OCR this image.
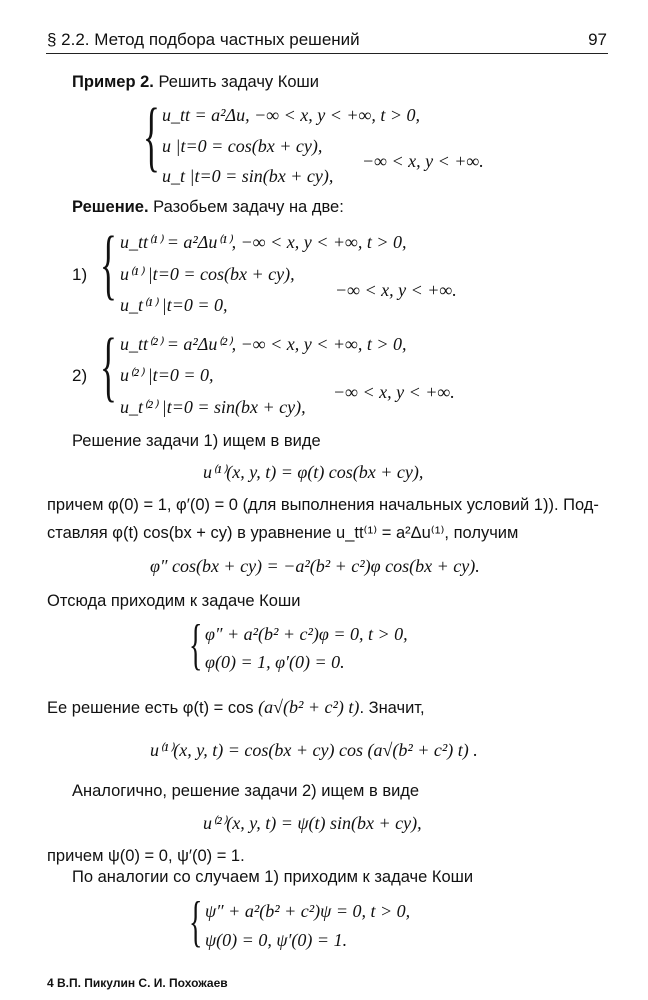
§ 2.2. Метод подбора частных решений	97
Пример 2. Решить задачу Коши
{ u_tt = a²Δu, −∞ < x, y < +∞, t > 0,
u |t=0 = cos(bx + cy),
u_t |t=0 = sin(bx + cy),
−∞ < x, y < +∞.
Решение. Разобьем задачу на две:
1) { u_tt⁽¹⁾ = a²Δu⁽¹⁾, −∞ < x, y < +∞, t > 0,
u⁽¹⁾ |t=0 = cos(bx + cy),
u_t⁽¹⁾ |t=0 = 0,
−∞ < x, y < +∞.
2) { u_tt⁽²⁾ = a²Δu⁽²⁾, −∞ < x, y < +∞, t > 0,
u⁽²⁾ |t=0 = 0,
u_t⁽²⁾ |t=0 = sin(bx + cy),
−∞ < x, y < +∞.
Решение задачи 1) ищем в виде
u⁽¹⁾(x, y, t) = φ(t) cos(bx + cy),
причем φ(0) = 1, φ′(0) = 0 (для выполнения начальных условий 1)). Под-
ставляя φ(t) cos(bx + cy) в уравнение u_tt⁽¹⁾ = a²Δu⁽¹⁾, получим
φ″ cos(bx + cy) = −a²(b² + c²)φ cos(bx + cy).
Отсюда приходим к задаче Коши
{ φ″ + a²(b² + c²)φ = 0, t > 0,
φ(0) = 1, φ′(0) = 0.
Ее решение есть φ(t) = cos (a√(b² + c²) t). Значит,
u⁽¹⁾(x, y, t) = cos(bx + cy) cos (a√(b² + c²) t) .
Аналогично, решение задачи 2) ищем в виде
u⁽²⁾(x, y, t) = ψ(t) sin(bx + cy),
причем ψ(0) = 0, ψ′(0) = 1.
По аналогии со случаем 1) приходим к задаче Коши
{ ψ″ + a²(b² + c²)ψ = 0, t > 0,
ψ(0) = 0, ψ′(0) = 1.
4 В.П. Пикулин С. И. Похожаев
